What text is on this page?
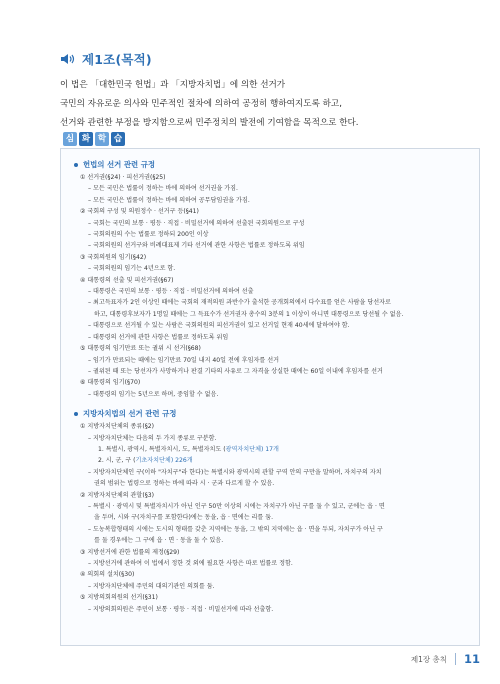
제1조(목적)
이 법은 「대한민국 헌법」과 「지방자치법」에 의한 선거가
국민의 자유로운 의사와 민주적인 절차에 의하여 공정히 행하여지도록 하고,
선거와 관련한 부정을 방지함으로써 민주정치의 발전에 기여함을 목적으로 한다.
심 화 학 습
헌법의 선거 관련 규정
① 선거권(§24) · 피선거권(§25)
– 모든 국민은 법률이 정하는 바에 의하여 선거권을 가짐.
– 모든 국민은 법률이 정하는 바에 의하여 공무담임권을 가짐.
② 국회의 구성 및 의원정수 · 선거구 등(§41)
– 국회는 국민의 보통 · 평등 · 직접 · 비밀선거에 의하여 선출된 국회의원으로 구성
– 국회의원의 수는 법률로 정하되 200인 이상
– 국회의원의 선거구와 비례대표제 기타 선거에 관한 사항은 법률로 정하도록 위임
③ 국회의원의 임기(§42)
– 국회의원의 임기는 4년으로 함.
④ 대통령의 선출 및 피선거권(§67)
– 대통령은 국민의 보통 · 평등 · 직접 · 비밀선거에 의하여 선출
– 최고득표자가 2인 이상인 때에는 국회의 재적의원 과반수가 출석한 공개회의에서 다수표를 얻은 사람을 당선자로
하고, 대통령후보자가 1명일 때에는 그 득표수가 선거권자 총수의 3분의 1 이상이 아니면 대통령으로 당선될 수 없음.
– 대통령으로 선거될 수 있는 사람은 국회의원의 피선거권이 있고 선거일 현재 40세에 달하여야 함.
– 대통령의 선거에 관한 사항은 법률로 정하도록 위임
⑤ 대통령의 임기만료 또는 궐위 시 선거(§68)
– 임기가 만료되는 때에는 임기만료 70일 내지 40일 전에 후임자를 선거
– 궐위된 때 또는 당선자가 사망하거나 판결 기타의 사유로 그 자격을 상실한 때에는 60일 이내에 후임자를 선거
⑥ 대통령의 임기(§70)
– 대통령의 임기는 5년으로 하며, 중임할 수 없음.
지방자치법의 선거 관련 규정
① 지방자치단체의 종류(§2)
– 지방자치단체는 다음의 두 가지 종류로 구분함.
1. 특별시, 광역시, 특별자치시, 도, 특별자치도 (광역자치단체) 17개
2. 시, 군, 구 (기초자치단체) 226개
– 지방자치단체인 구(이하 "자치구"라 한다)는 특별시와 광역시의 관할 구역 안의 구만을 말하며, 자치구의 자치
권의 범위는 법령으로 정하는 바에 따라 시 · 군과 다르게 할 수 있음.
② 지방자치단체의 관할(§3)
– 특별시 · 광역시 및 특별자치시가 아닌 인구 50만 이상의 시에는 자치구가 아닌 구를 둘 수 있고, 군에는 읍 · 면
을 두며, 시와 구(자치구를 포함한다)에는 동을, 읍 · 면에는 리를 둠.
– 도농복합형태의 시에는 도시의 형태를 갖춘 지역에는 동을, 그 밖의 지역에는 읍 · 면을 두되, 자치구가 아닌 구
를 둘 경우에는 그 구에 읍 · 면 · 동을 둘 수 있음.
③ 지방선거에 관한 법률의 제정(§29)
– 지방선거에 관하여 이 법에서 정한 것 외에 필요한 사항은 따로 법률로 정함.
④ 의회의 설치(§30)
– 지방자치단체에 주민의 대의기관인 의회를 둠.
⑤ 지방의회의원의 선거(§31)
– 지방의회의원은 주민이 보통 · 평등 · 직접 · 비밀선거에 따라 선출함.
제1장 총칙 11
